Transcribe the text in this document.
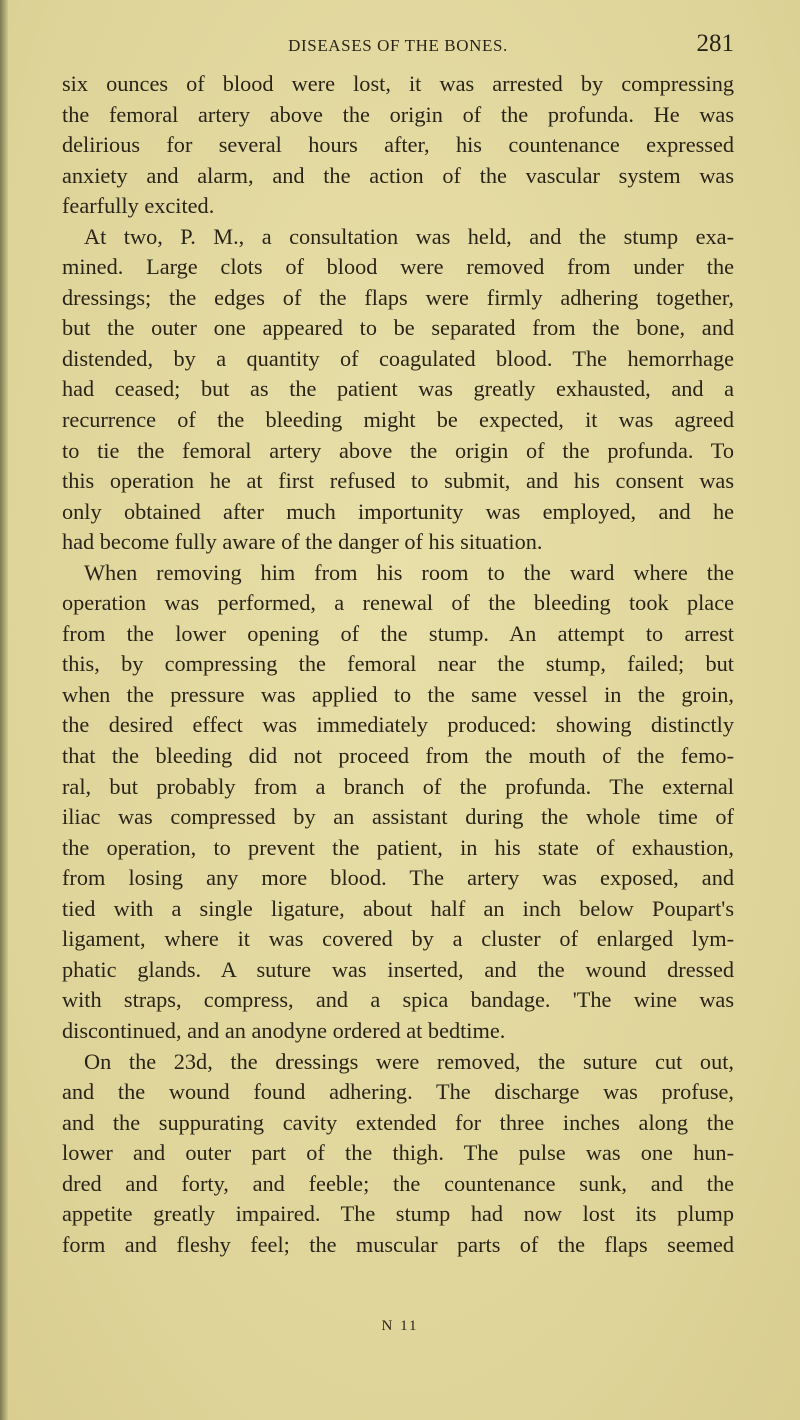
DISEASES OF THE BONES.	281
six ounces of blood were lost, it was arrested by compressing
the femoral artery above the origin of the profunda. He was
delirious for several hours after, his countenance expressed
anxiety and alarm, and the action of the vascular system was
fearfully excited.
At two, P. M., a consultation was held, and the stump exa-
mined. Large clots of blood were removed from under the
dressings; the edges of the flaps were firmly adhering together,
but the outer one appeared to be separated from the bone, and
distended, by a quantity of coagulated blood. The hemorrhage
had ceased; but as the patient was greatly exhausted, and a
recurrence of the bleeding might be expected, it was agreed
to tie the femoral artery above the origin of the profunda. To
this operation he at first refused to submit, and his consent was
only obtained after much importunity was employed, and he
had become fully aware of the danger of his situation.
When removing him from his room to the ward where the
operation was performed, a renewal of the bleeding took place
from the lower opening of the stump. An attempt to arrest
this, by compressing the femoral near the stump, failed; but
when the pressure was applied to the same vessel in the groin,
the desired effect was immediately produced: showing distinctly
that the bleeding did not proceed from the mouth of the femo-
ral, but probably from a branch of the profunda. The external
iliac was compressed by an assistant during the whole time of
the operation, to prevent the patient, in his state of exhaustion,
from losing any more blood. The artery was exposed, and
tied with a single ligature, about half an inch below Poupart's
ligament, where it was covered by a cluster of enlarged lym-
phatic glands. A suture was inserted, and the wound dressed
with straps, compress, and a spica bandage. 'The wine was
discontinued, and an anodyne ordered at bedtime.
On the 23d, the dressings were removed, the suture cut out,
and the wound found adhering. The discharge was profuse,
and the suppurating cavity extended for three inches along the
lower and outer part of the thigh. The pulse was one hun-
dred and forty, and feeble; the countenance sunk, and the
appetite greatly impaired. The stump had now lost its plump
form and fleshy feel; the muscular parts of the flaps seemed
N 11
